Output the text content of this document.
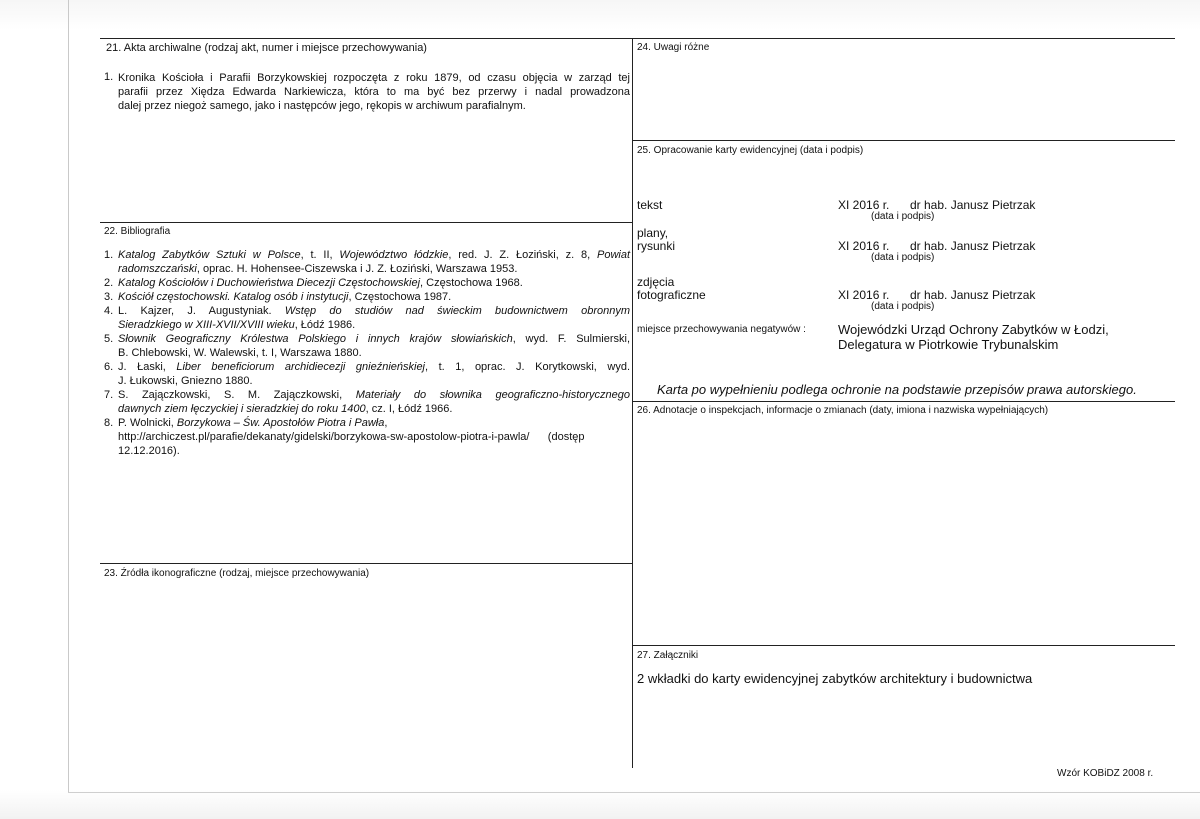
21. Akta archiwalne (rodzaj akt, numer i miejsce przechowywania)
1. Kronika Kościoła i Parafii Borzykowskiej rozpoczęta z roku 1879, od czasu objęcia w zarząd tej
parafii przez Xiędza Edwarda Narkiewicza, która to ma być bez przerwy i nadal prowadzona
dalej przez niegoż samego, jako i następców jego, rękopis w archiwum parafialnym.
22. Bibliografia
1. Katalog Zabytków Sztuki w Polsce, t. II, Województwo łódzkie, red. J. Z. Łoziński, z. 8, Powiat
radomszczański, oprac. H. Hohensee-Ciszewska i J. Z. Łoziński, Warszawa 1953.
2. Katalog Kościołów i Duchowieństwa Diecezji Częstochowskiej, Częstochowa 1968.
3. Kościół częstochowski. Katalog osób i instytucji, Częstochowa 1987.
4. L. Kajzer, J. Augustyniak. Wstęp do studiów nad świeckim budownictwem obronnym
Sieradzkiego w XIII-XVII/XVIII wieku, Łódź 1986.
5. Słownik Geograficzny Królestwa Polskiego i innych krajów słowiańskich, wyd. F. Sulmierski,
B. Chlebowski, W. Walewski, t. I, Warszawa 1880.
6. J. Łaski, Liber beneficiorum archidiecezji gnieźnieńskiej, t. 1, oprac. J. Korytkowski, wyd.
J. Łukowski, Gniezno 1880.
7. S. Zajączkowski, S. M. Zajączkowski, Materiały do słownika geograficzno-historycznego
dawnych ziem łęczyckiej i sieradzkiej do roku 1400, cz. I, Łódź 1966.
8. P. Wolnicki, Borzykowa – Św. Apostołów Piotra i Pawła,
http://archiczest.pl/parafie/dekanaty/gidelski/borzykowa-sw-apostolow-piotra-i-pawla/      (dostęp
12.12.2016).
23. Źródła ikonograficzne (rodzaj, miejsce przechowywania)
24. Uwagi różne
25. Opracowanie karty ewidencyjnej (data i podpis)
tekst	XI 2016 r. dr hab. Janusz Pietrzak
(data i podpis)
plany,
rysunki	XI 2016 r. dr hab. Janusz Pietrzak
(data i podpis)
zdjęcia
fotograficzne	XI 2016 r. dr hab. Janusz Pietrzak
(data i podpis)
miejsce przechowywania negatywów : Wojewódzki Urząd Ochrony Zabytków w Łodzi,
Delegatura w Piotrkowie Trybunalskim
Karta po wypełnieniu podlega ochronie na podstawie przepisów prawa autorskiego.
26. Adnotacje o inspekcjach, informacje o zmianach (daty, imiona i nazwiska wypełniających)
27. Załączniki
2 wkładki do karty ewidencyjnej zabytków architektury i budownictwa
Wzór KOBiDZ 2008 r.
